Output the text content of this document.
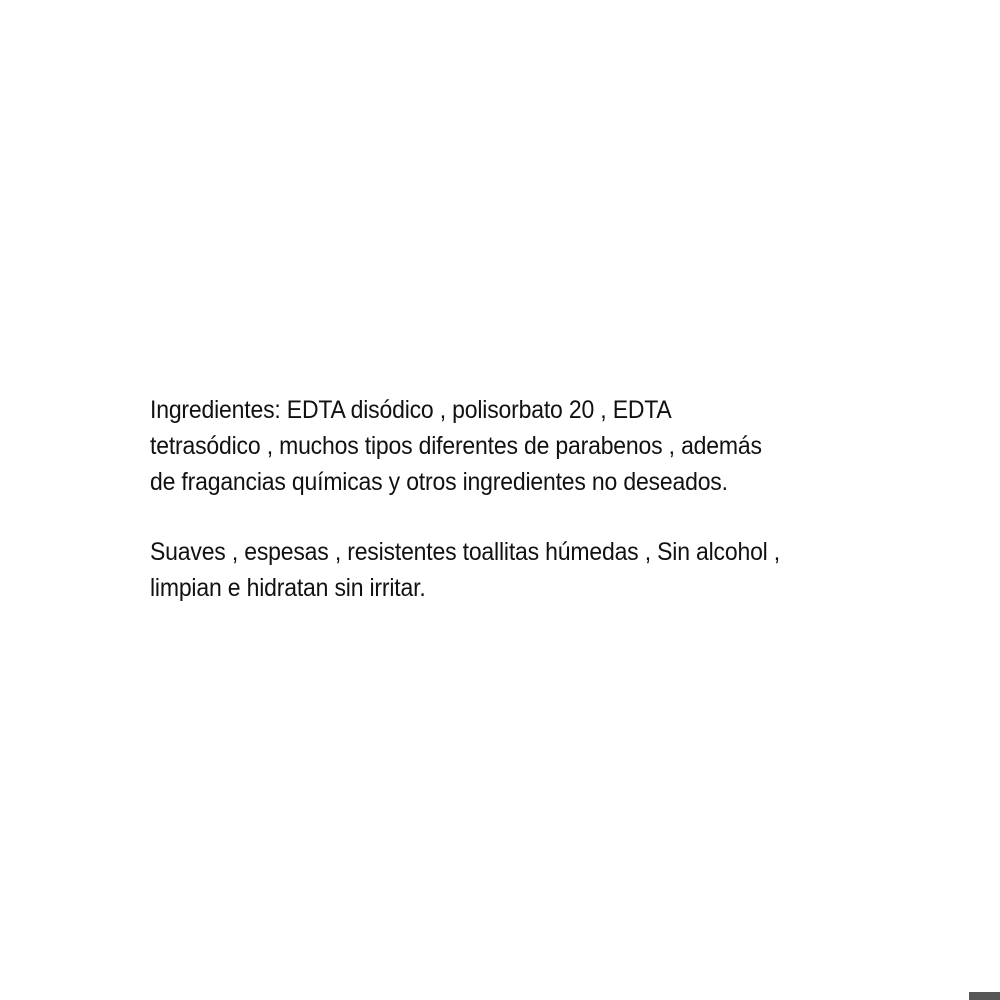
Ingredientes: EDTA disódico , polisorbato 20 , EDTA
tetrasódico , muchos tipos diferentes de parabenos , además
de fragancias químicas y otros ingredientes no deseados.

Suaves , espesas , resistentes toallitas húmedas , Sin alcohol ,
limpian e hidratan sin irritar.
